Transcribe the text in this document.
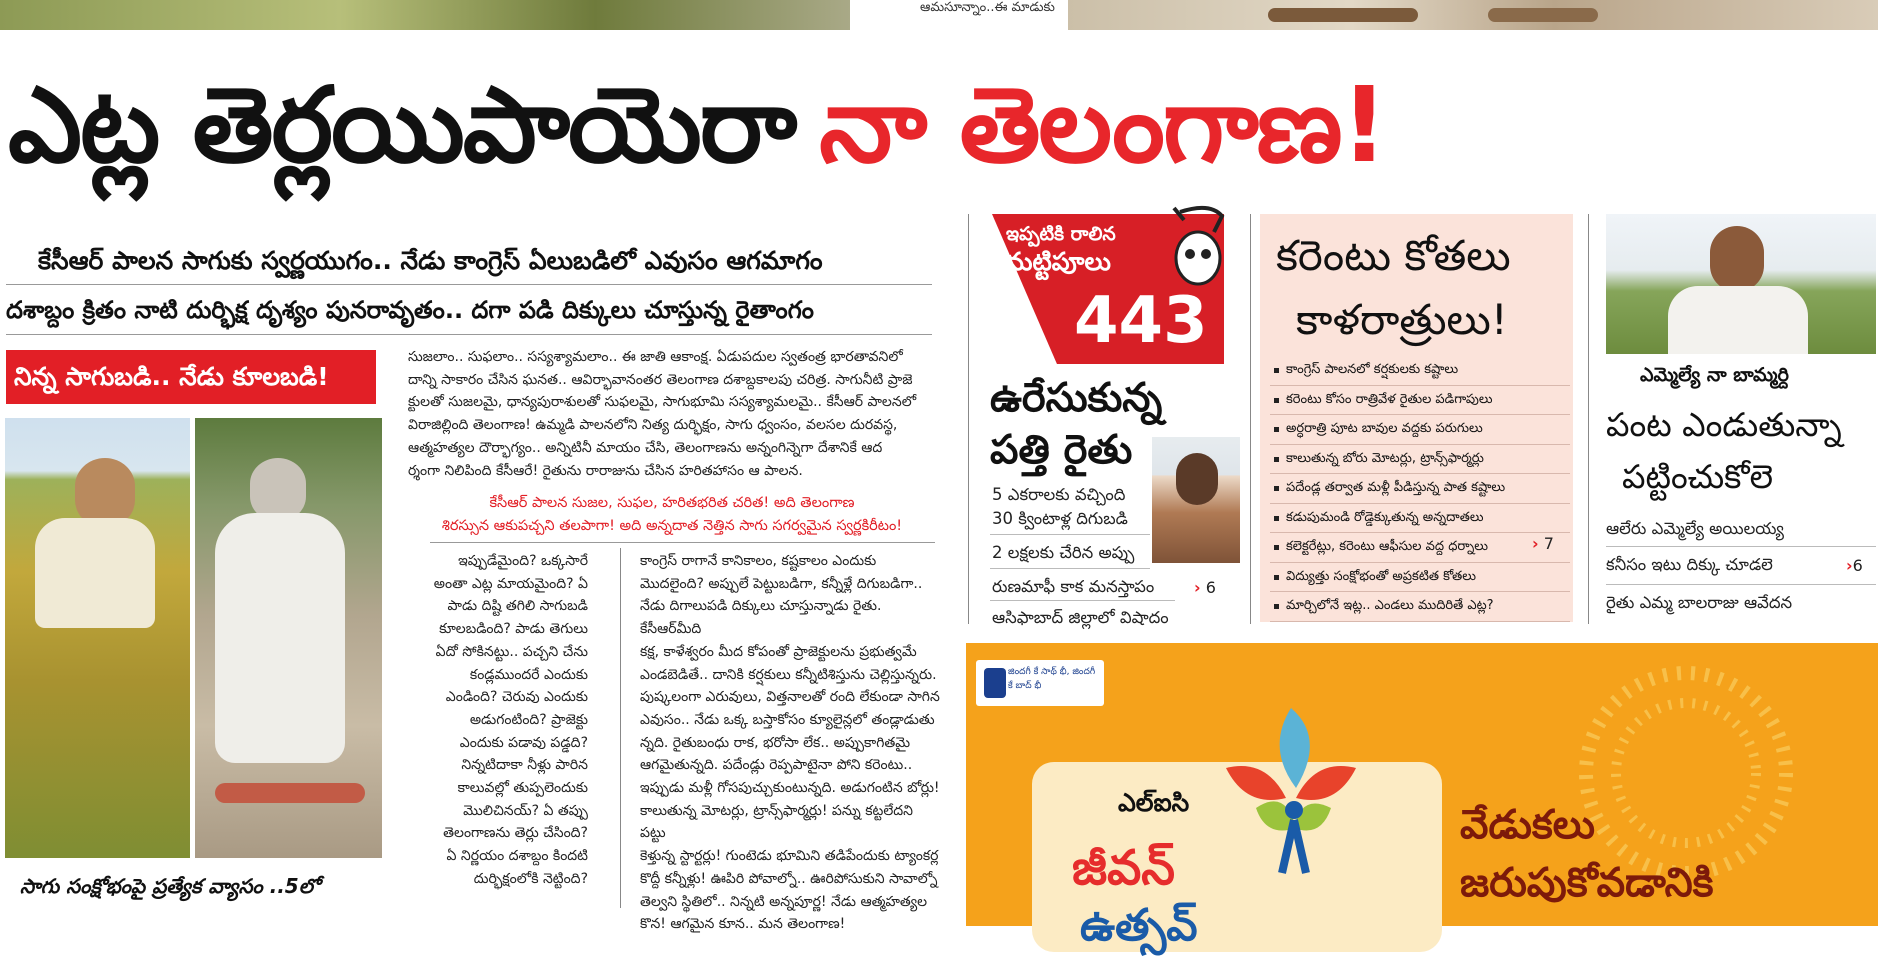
ఆమసూన్నాం..ఈ మాడుకు
ఎట్ల తెర్లయిపాయెరా నా తెలంగాణ!
కేసీఆర్ పాలన సాగుకు స్వర్ణయుగం.. నేడు కాంగ్రెస్ ఏలుబడిలో ఎవుసం ఆగమాగం
దశాబ్దం క్రితం నాటి దుర్భిక్ష దృశ్యం పునరావృతం.. దగా పడి దిక్కులు చూస్తున్న రైతాంగం
నిన్న సాగుబడి.. నేడు కూలబడి!
సాగు సంక్షోభంపై ప్రత్యేక వ్యాసం ..5లో
సుజలాం.. సుఫలాం.. సస్యశ్యామలాం.. ఈ జాతి ఆకాంక్ష. ఏడుపదుల స్వతంత్ర భారతావనిలో
దాన్ని సాకారం చేసిన ఘనత.. ఆవిర్భావానంతర తెలంగాణ దశాబ్దకాలపు చరిత్ర. సాగునీటి ప్రాజె
క్టులతో సుజలమై, ధాన్యపురాశులతో సుఫలమై, సాగుభూమి సస్యశ్యామలమై.. కేసీఆర్ పాలనలో
విరాజిల్లింది తెలంగాణ! ఉమ్మడి పాలనలోని నిత్య దుర్భిక్షం, సాగు ధ్వంసం, వలసల దురవస్థ,
ఆత్మహత్యల దౌర్భాగ్యం.. అన్నిటినీ మాయం చేసి, తెలంగాణను అన్నంగిన్నెగా దేశానికే ఆద
ర్శంగా నిలిపింది కేసీఆరే! రైతును రారాజును చేసిన హరితహాసం ఆ పాలన.
కేసీఆర్ పాలన సుజల, సుఫల, హరితభరిత చరిత! అది తెలంగాణ
శిరస్సున ఆకుపచ్చని తలపాగా! అది అన్నదాత నెత్తిన సాగు సగర్వమైన స్వర్ణకిరీటం!
ఇప్పుడేమైంది? ఒక్కసారే
అంతా ఎట్ల మాయమైంది? ఏ
పాడు దిష్టి తగిలి సాగుబడి
కూలబడింది? పాడు తెగులు
ఏదో సోకినట్టు.. పచ్చని చేను
కండ్లముందరే ఎందుకు
ఎండింది? చెరువు ఎందుకు
అడుగంటింది? ప్రాజెక్టు
ఎందుకు పడావు పడ్డది?
నిన్నటిదాకా నీళ్లు పారిన
కాలువల్లో తుప్పలెందుకు
మొలిచినయ్? ఏ తప్పు
తెలంగాణను తెర్లు చేసింది?
ఏ నిర్ణయం దశాబ్దం కిందటి
దుర్భిక్షంలోకి నెట్టింది?
కాంగ్రెస్ రాగానే కానికాలం, కష్టకాలం ఎందుకు
మొదలైంది? అప్పులే పెట్టుబడిగా, కన్నీళ్లే దిగుబడిగా..
నేడు దిగాలుపడి దిక్కులు చూస్తున్నాడు రైతు. కేసీఆర్‌మీది
కక్ష, కాళేశ్వరం మీద కోపంతో ప్రాజెక్టులను ప్రభుత్వమే
ఎండబెడితే.. దానికి కర్షకులు కన్నీటిశిస్తును చెల్లిస్తున్నరు.
పుష్కలంగా ఎరువులు, విత్తనాలతో రంది లేకుండా సాగిన
ఎవుసం.. నేడు ఒక్క బస్తాకోసం క్యూలైన్లలో తండ్లాడుతు
న్నది. రైతుబంధు రాక, భరోసా లేక.. అప్పుకాగితమై
ఆగమైతున్నది. పదేండ్లు రెప్పపాటైనా పోని కరెంటు..
ఇప్పుడు మళ్లీ గోసపుచ్చుకుంటున్నది. అడుగంటిన బోర్లు!
కాలుతున్న మోటర్లు, ట్రాన్స్‌ఫార్మర్లు! పన్ను కట్టలేదని పట్టు
కెళ్తున్న స్టార్టర్లు! గుంటెడు భూమిని తడిపేందుకు ట్యాంకర్ల
కొద్దీ కన్నీళ్లు! ఊపిరి పోవాల్నో.. ఊరిపోసుకుని సావాల్నో
తెల్వని స్థితిలో.. నిన్నటి అన్నపూర్ణ! నేడు ఆత్మహత్యల
కొన! ఆగమైన కూన.. మన తెలంగాణ!
ఇప్పటికి రాలిన
మట్టిపూలు
443
ఉరేసుకున్న
పత్తి రైతు
5 ఎకరాలకు వచ్చింది
30 క్వింటాళ్ల దిగుబడి
2 లక్షలకు చేరిన అప్పు
రుణమాఫీ కాక మనస్తాపం › 6
ఆసిఫాబాద్ జిల్లాలో విషాదం
కరెంటు కోతలు
కాళరాత్రులు!
కాంగ్రెస్ పాలనలో కర్షకులకు కష్టాలు
కరెంటు కోసం రాత్రివేళ రైతుల పడిగాపులు
అర్ధరాత్రి పూట బావుల వద్దకు పరుగులు
కాలుతున్న బోరు మోటర్లు, ట్రాన్స్‌ఫార్మర్లు
పదేండ్ల తర్వాత మళ్లీ పీడిస్తున్న పాత కష్టాలు
కడుపుమండి రోడ్డెక్కుతున్న అన్నదాతలు
కలెక్టరేట్లు, కరెంటు ఆఫీసుల వద్ద ధర్నాలు
విద్యుత్తు సంక్షోభంతో అప్రకటిత కోతలు
మార్చిలోనే ఇట్ల.. ఎండలు ముదిరితే ఎట్ల?
› 7
ఎమ్మెల్యే నా బామ్మర్ది
పంట ఎండుతున్నా
పట్టించుకోలె
ఆలేరు ఎమ్మెల్యే అయిలయ్య
కనీసం ఇటు దిక్కు చూడలె	›6
రైతు ఎమ్మ బాలరాజు ఆవేదన
జిందగీ కే సాథ్ భీ, జిందగీ కే బాద్ భీ
ఎల్ఐసి
జీవన్
ఉత్సవ్
వేడుకలు
జరుపుకోవడానికి
